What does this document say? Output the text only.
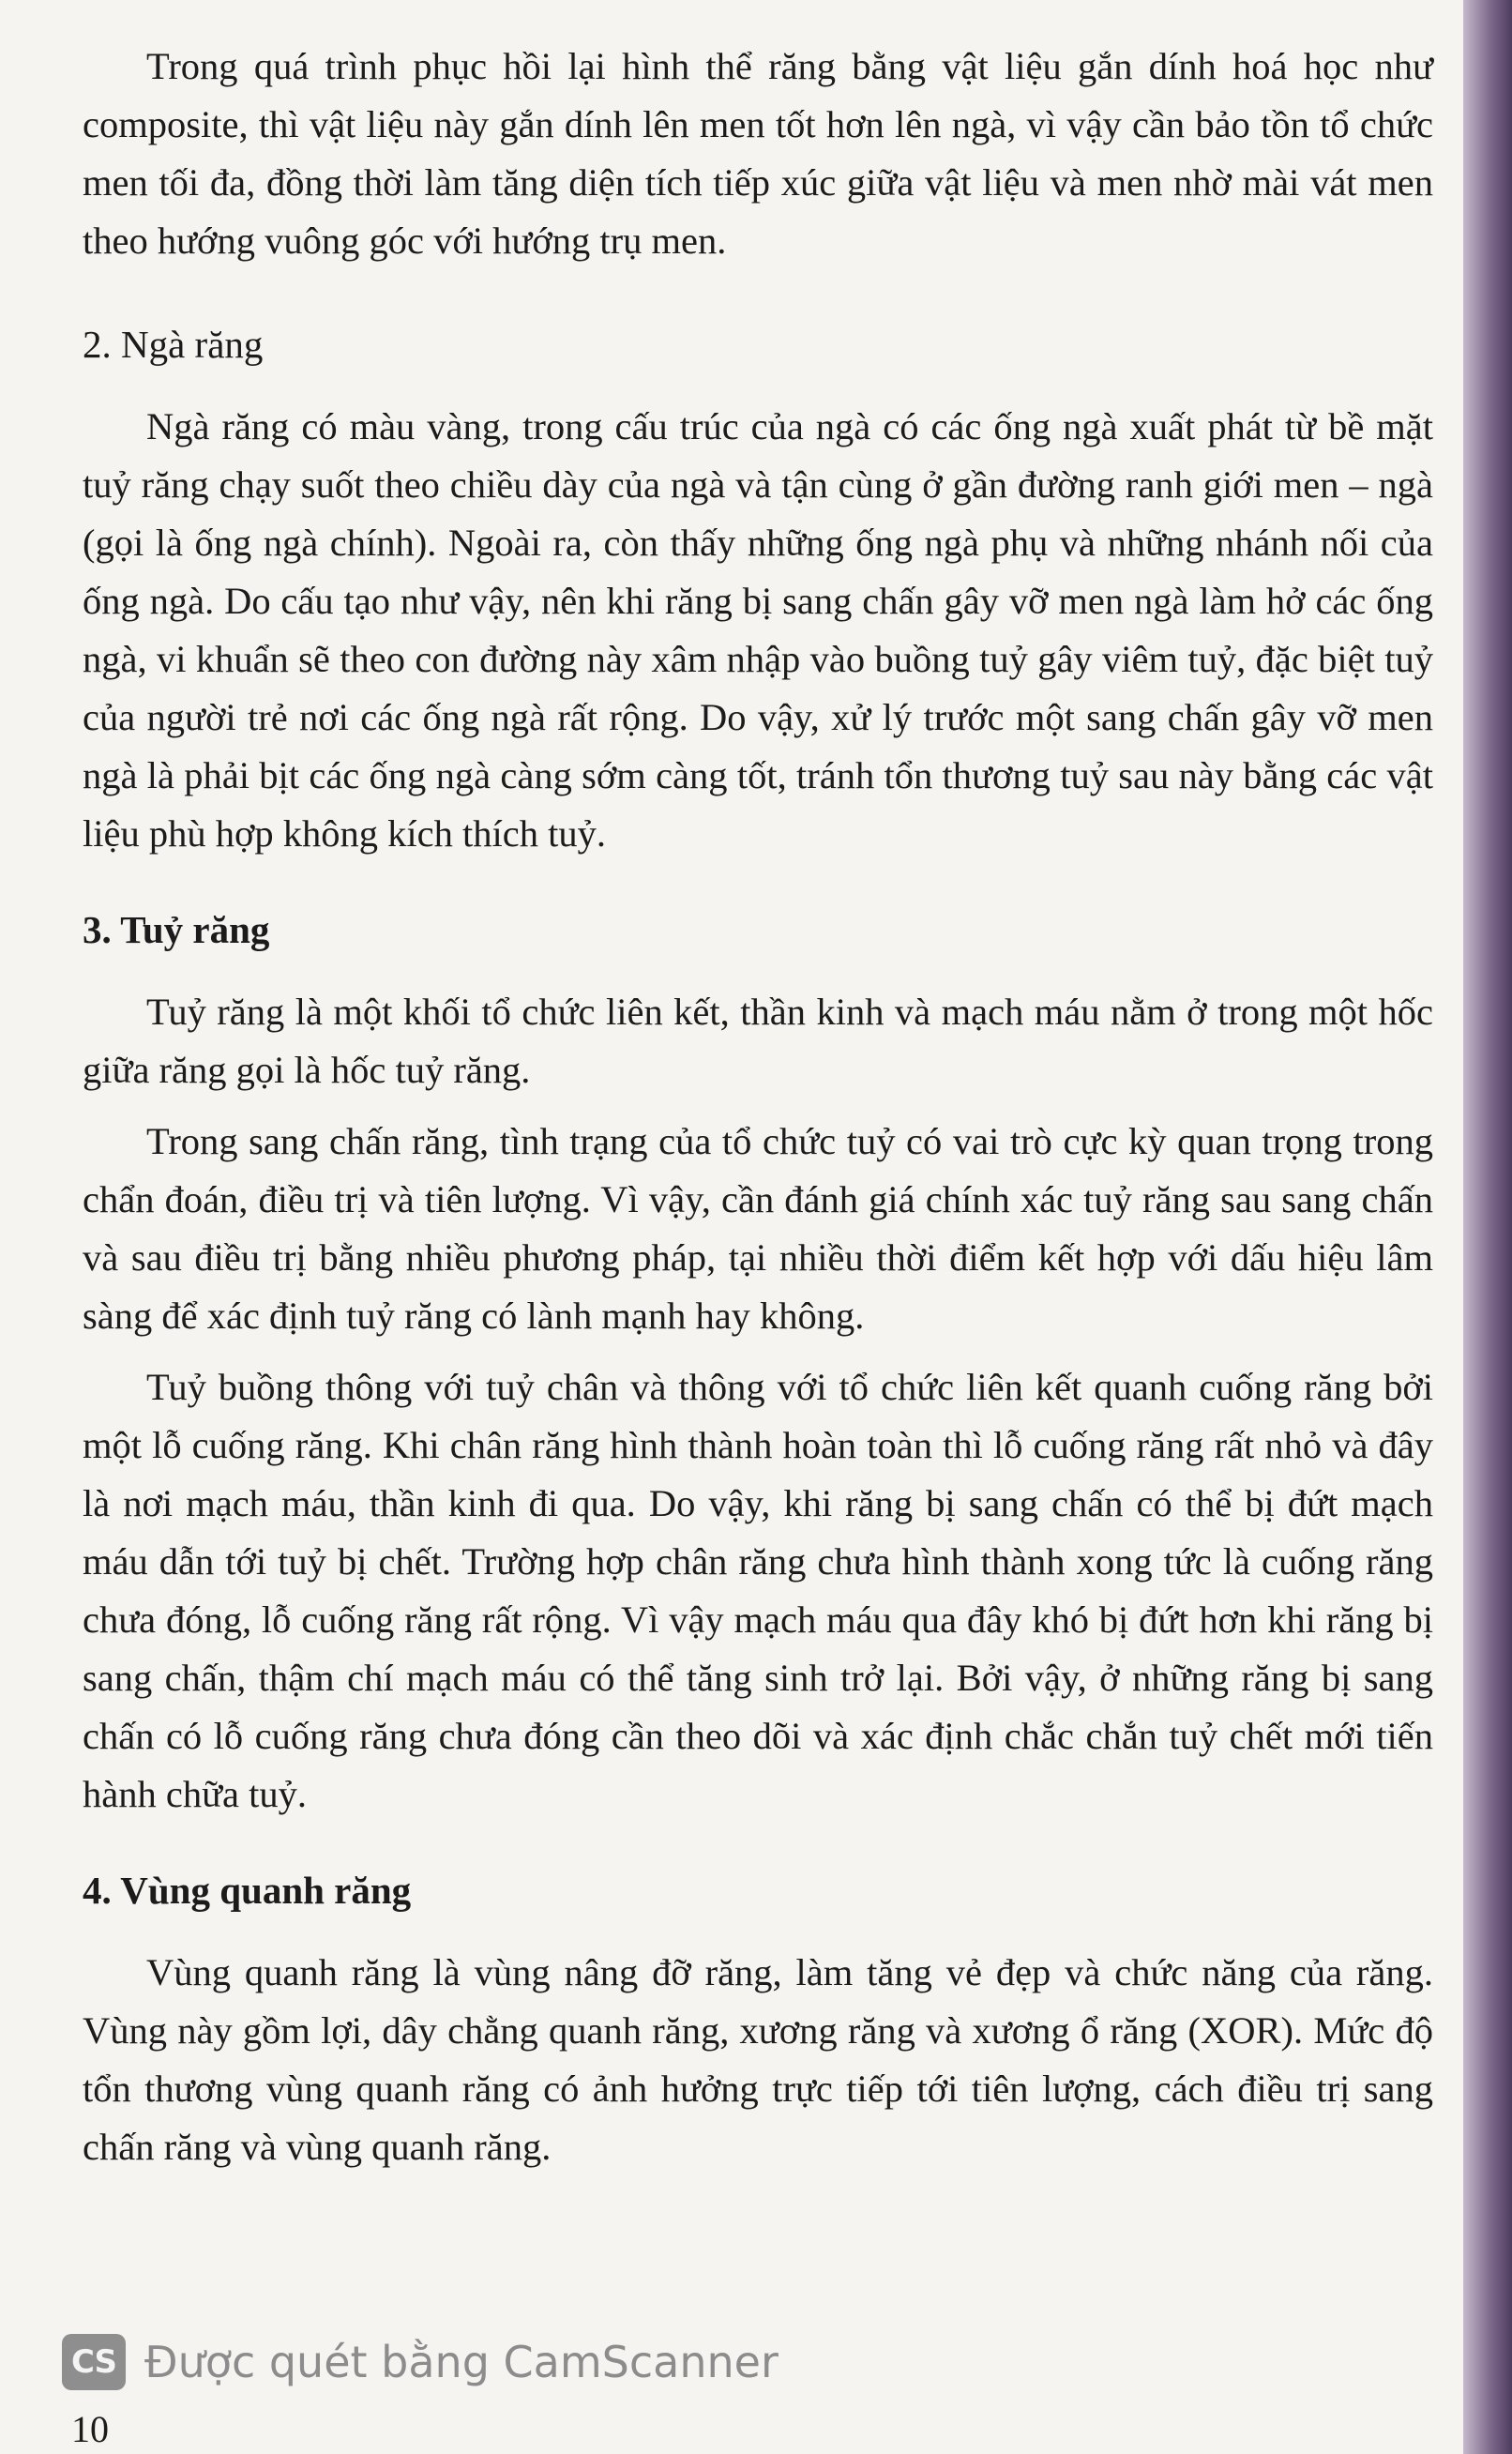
Trong quá trình phục hồi lại hình thể răng bằng vật liệu gắn dính hoá học như composite, thì vật liệu này gắn dính lên men tốt hơn lên ngà, vì vậy cần bảo tồn tổ chức men tối đa, đồng thời làm tăng diện tích tiếp xúc giữa vật liệu và men nhờ mài vát men theo hướng vuông góc với hướng trụ men.

2. Ngà răng

Ngà răng có màu vàng, trong cấu trúc của ngà có các ống ngà xuất phát từ bề mặt tuỷ răng chạy suốt theo chiều dày của ngà và tận cùng ở gần đường ranh giới men – ngà (gọi là ống ngà chính). Ngoài ra, còn thấy những ống ngà phụ và những nhánh nối của ống ngà. Do cấu tạo như vậy, nên khi răng bị sang chấn gây vỡ men ngà làm hở các ống ngà, vi khuẩn sẽ theo con đường này xâm nhập vào buồng tuỷ gây viêm tuỷ, đặc biệt tuỷ của người trẻ nơi các ống ngà rất rộng. Do vậy, xử lý trước một sang chấn gây vỡ men ngà là phải bịt các ống ngà càng sớm càng tốt, tránh tổn thương tuỷ sau này bằng các vật liệu phù hợp không kích thích tuỷ.

3. Tuỷ răng

Tuỷ răng là một khối tổ chức liên kết, thần kinh và mạch máu nằm ở trong một hốc giữa răng gọi là hốc tuỷ răng.

Trong sang chấn răng, tình trạng của tổ chức tuỷ có vai trò cực kỳ quan trọng trong chẩn đoán, điều trị và tiên lượng. Vì vậy, cần đánh giá chính xác tuỷ răng sau sang chấn và sau điều trị bằng nhiều phương pháp, tại nhiều thời điểm kết hợp với dấu hiệu lâm sàng để xác định tuỷ răng có lành mạnh hay không.

Tuỷ buồng thông với tuỷ chân và thông với tổ chức liên kết quanh cuống răng bởi một lỗ cuống răng. Khi chân răng hình thành hoàn toàn thì lỗ cuống răng rất nhỏ và đây là nơi mạch máu, thần kinh đi qua. Do vậy, khi răng bị sang chấn có thể bị đứt mạch máu dẫn tới tuỷ bị chết. Trường hợp chân răng chưa hình thành xong tức là cuống răng chưa đóng, lỗ cuống răng rất rộng. Vì vậy mạch máu qua đây khó bị đứt hơn khi răng bị sang chấn, thậm chí mạch máu có thể tăng sinh trở lại. Bởi vậy, ở những răng bị sang chấn có lỗ cuống răng chưa đóng cần theo dõi và xác định chắc chắn tuỷ chết mới tiến hành chữa tuỷ.

4. Vùng quanh răng

Vùng quanh răng là vùng nâng đỡ răng, làm tăng vẻ đẹp và chức năng của răng. Vùng này gồm lợi, dây chằng quanh răng, xương răng và xương ổ răng (XOR). Mức độ tổn thương vùng quanh răng có ảnh hưởng trực tiếp tới tiên lượng, cách điều trị sang chấn răng và vùng quanh răng.

CS Được quét bằng CamScanner
10
